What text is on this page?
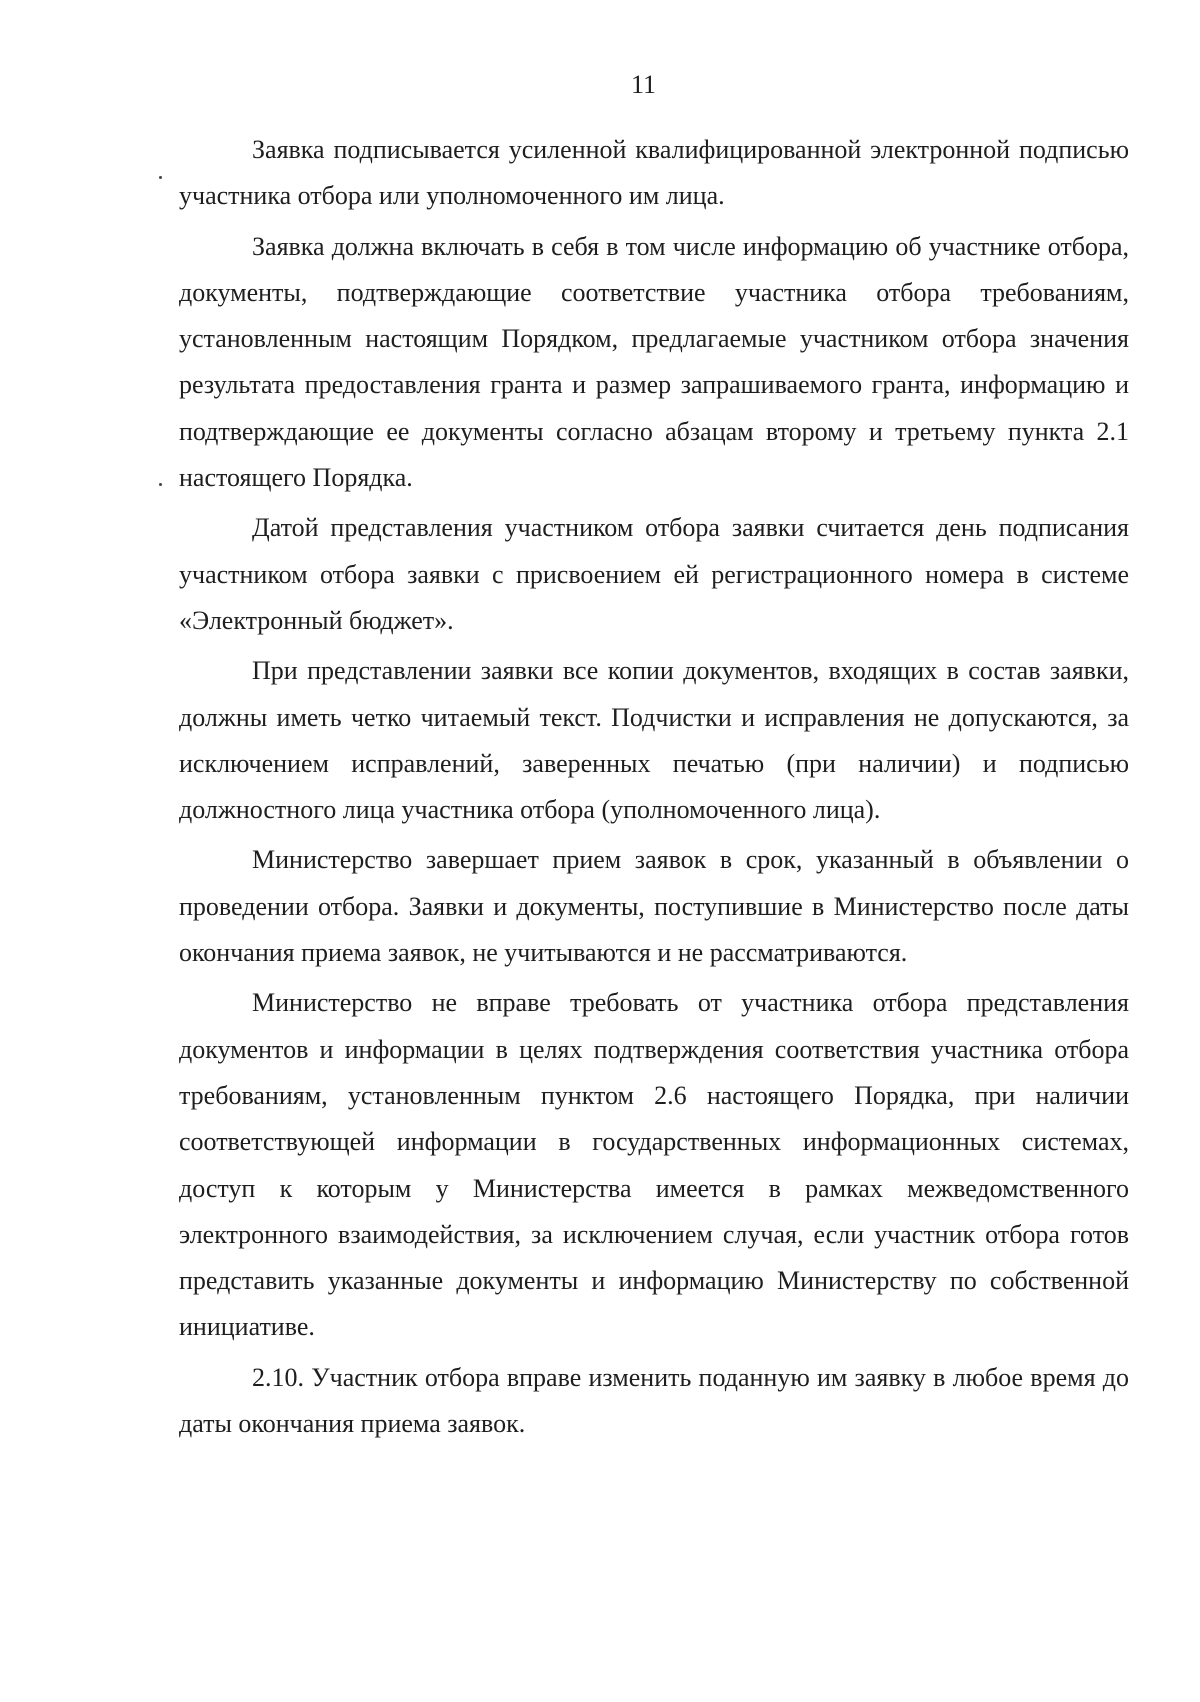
11

Заявка подписывается усиленной квалифицированной электронной подписью участника отбора или уполномоченного им лица.

Заявка должна включать в себя в том числе информацию об участнике отбора, документы, подтверждающие соответствие участника отбора требованиям, установленным настоящим Порядком, предлагаемые участником отбора значения результата предоставления гранта и размер запрашиваемого гранта, информацию и подтверждающие ее документы согласно абзацам второму и третьему пункта 2.1 настоящего Порядка.

Датой представления участником отбора заявки считается день подписания участником отбора заявки с присвоением ей регистрационного номера в системе «Электронный бюджет».

При представлении заявки все копии документов, входящих в состав заявки, должны иметь четко читаемый текст. Подчистки и исправления не допускаются, за исключением исправлений, заверенных печатью (при наличии) и подписью должностного лица участника отбора (уполномоченного лица).

Министерство завершает прием заявок в срок, указанный в объявлении о проведении отбора. Заявки и документы, поступившие в Министерство после даты окончания приема заявок, не учитываются и не рассматриваются.

Министерство не вправе требовать от участника отбора представления документов и информации в целях подтверждения соответствия участника отбора требованиям, установленным пунктом 2.6 настоящего Порядка, при наличии соответствующей информации в государственных информационных системах, доступ к которым у Министерства имеется в рамках межведомственного электронного взаимодействия, за исключением случая, если участник отбора готов представить указанные документы и информацию Министерству по собственной инициативе.

2.10. Участник отбора вправе изменить поданную им заявку в любое время до даты окончания приема заявок.
